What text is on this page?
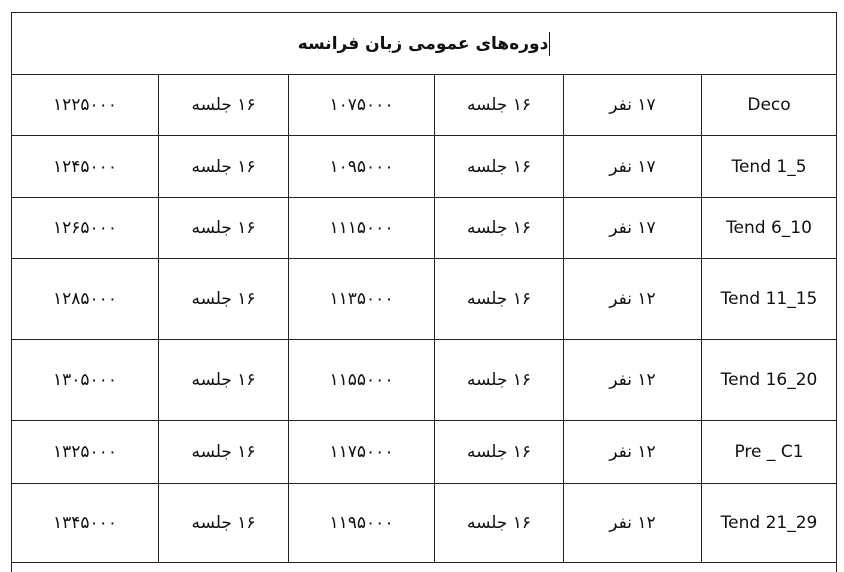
دوره‌های عمومی زبان فرانسه					
۱۲۲۵۰۰۰	۱۶ جلسه	۱۰۷۵۰۰۰	۱۶ جلسه	۱۷ نفر	Deco
۱۲۴۵۰۰۰	۱۶ جلسه	۱۰۹۵۰۰۰	۱۶ جلسه	۱۷ نفر	Tend 1_5
۱۲۶۵۰۰۰	۱۶ جلسه	۱۱۱۵۰۰۰	۱۶ جلسه	۱۷ نفر	Tend 6_10
۱۲۸۵۰۰۰	۱۶ جلسه	۱۱۳۵۰۰۰	۱۶ جلسه	۱۲ نفر	Tend 11_15
۱۳۰۵۰۰۰	۱۶ جلسه	۱۱۵۵۰۰۰	۱۶ جلسه	۱۲ نفر	Tend 16_20
۱۳۲۵۰۰۰	۱۶ جلسه	۱۱۷۵۰۰۰	۱۶ جلسه	۱۲ نفر	Pre _ C1
۱۳۴۵۰۰۰	۱۶ جلسه	۱۱۹۵۰۰۰	۱۶ جلسه	۱۲ نفر	Tend 21_29
